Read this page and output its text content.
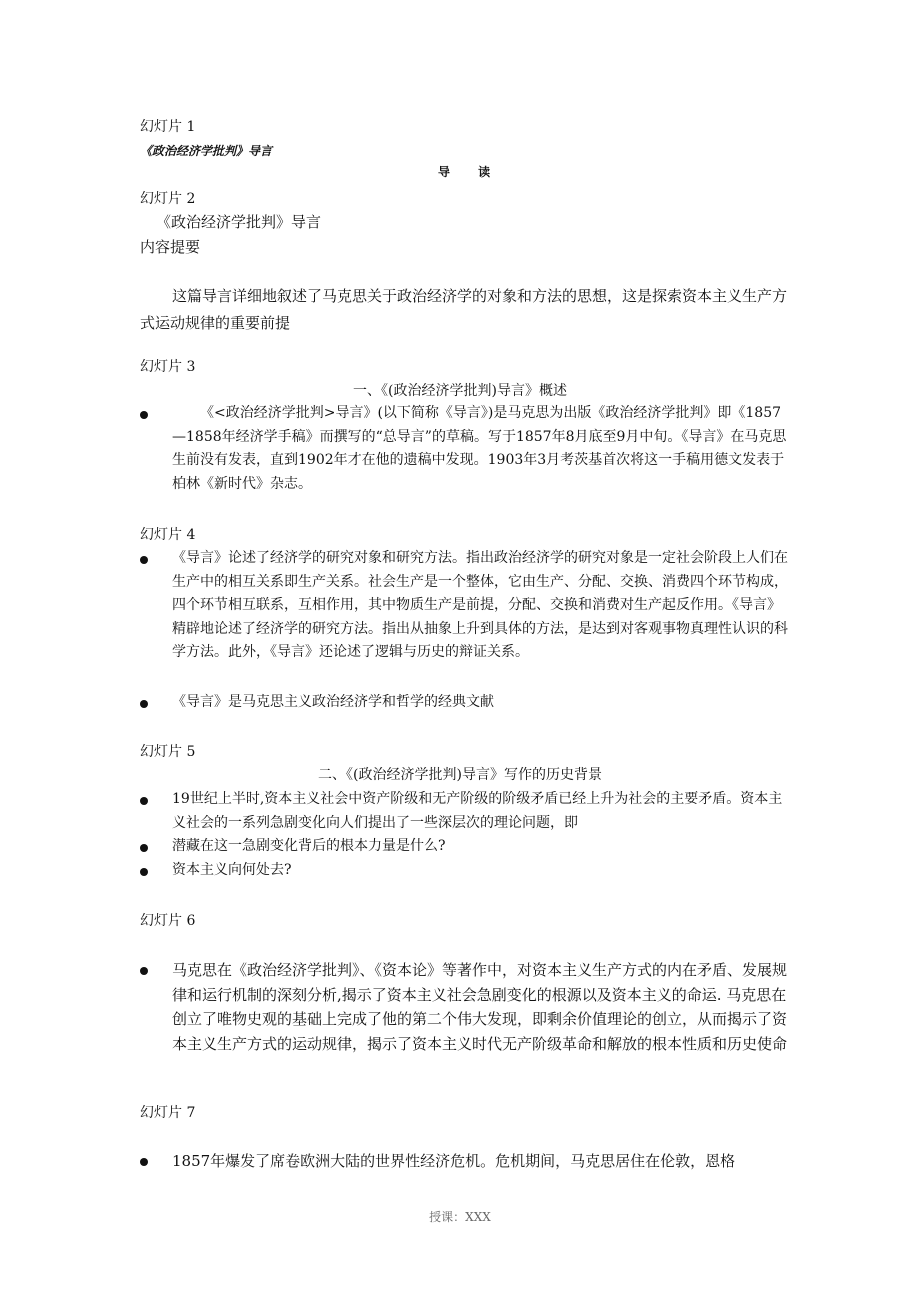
幻灯片 1
《政治经济学批判》导言
导 读
幻灯片 2
《政治经济学批判》导言
内容提要
这篇导言详细地叙述了马克思关于政治经济学的对象和方法的思想，这是探索资本主义生产方式运动规律的重要前提
幻灯片 3
一、《(政治经济学批判)导言》概述
《<政治经济学批判>导言》(以下简称《导言》)是马克思为出版《政治经济学批判》即《1857—1858年经济学手稿》而撰写的“总导言”的草稿。写于1857年8月底至9月中旬。《导言》在马克思生前没有发表，直到1902年才在他的遗稿中发现。1903年3月考茨基首次将这一手稿用德文发表于柏林《新时代》杂志。
幻灯片 4
《导言》论述了经济学的研究对象和研究方法。指出政治经济学的研究对象是一定社会阶段上人们在生产中的相互关系即生产关系。社会生产是一个整体，它由生产、分配、交换、消费四个环节构成，四个环节相互联系，互相作用，其中物质生产是前提，分配、交换和消费对生产起反作用。《导言》精辟地论述了经济学的研究方法。指出从抽象上升到具体的方法，是达到对客观事物真理性认识的科学方法。此外，《导言》还论述了逻辑与历史的辩证关系。
《导言》是马克思主义政治经济学和哲学的经典文献
幻灯片 5
二、《(政治经济学批判)导言》写作的历史背景
19世纪上半时,资本主义社会中资产阶级和无产阶级的阶级矛盾已经上升为社会的主要矛盾。资本主义社会的一系列急剧变化向人们提出了一些深层次的理论问题，即
潜藏在这一急剧变化背后的根本力量是什么?
资本主义向何处去?
幻灯片 6
马克思在《政治经济学批判》、《资本论》等著作中，对资本主义生产方式的内在矛盾、发展规律和运行机制的深刻分析,揭示了资本主义社会急剧变化的根源以及资本主义的命运. 马克思在创立了唯物史观的基础上完成了他的第二个伟大发现，即剩余价值理论的创立，从而揭示了资本主义生产方式的运动规律，揭示了资本主义时代无产阶级革命和解放的根本性质和历史使命
幻灯片 7
1857年爆发了席卷欧洲大陆的世界性经济危机。危机期间，马克思居住在伦敦，恩格
授课：XXX
